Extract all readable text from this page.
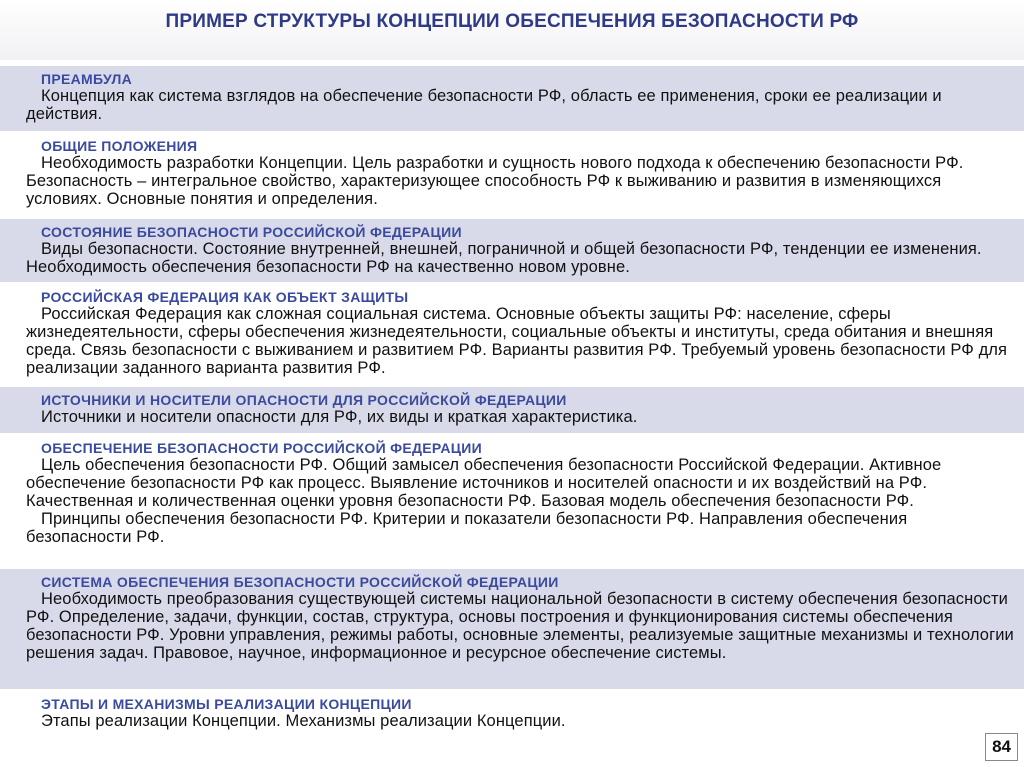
ПРИМЕР СТРУКТУРЫ КОНЦЕПЦИИ ОБЕСПЕЧЕНИЯ БЕЗОПАСНОСТИ РФ
ПРЕАМБУЛА
Концепция как система взглядов на обеспечение безопасности РФ, область ее применения, сроки ее реализации и действия.
ОБЩИЕ ПОЛОЖЕНИЯ
Необходимость разработки Концепции. Цель разработки и сущность нового подхода к обеспечению безопасности РФ. Безопасность – интегральное свойство, характеризующее способность РФ к выживанию и развития в изменяющихся условиях. Основные понятия и определения.
СОСТОЯНИЕ БЕЗОПАСНОСТИ РОССИЙСКОЙ ФЕДЕРАЦИИ
Виды безопасности. Состояние внутренней, внешней, пограничной и общей безопасности РФ, тенденции ее изменения. Необходимость обеспечения безопасности РФ на качественно новом уровне.
РОССИЙСКАЯ ФЕДЕРАЦИЯ КАК ОБЪЕКТ ЗАЩИТЫ
Российская Федерация как сложная социальная система. Основные объекты защиты РФ: население, сферы жизнедеятельности, сферы обеспечения жизнедеятельности, социальные объекты и институты, среда обитания и внешняя среда. Связь безопасности с выживанием и развитием РФ. Варианты развития РФ. Требуемый уровень безопасности РФ для реализации заданного варианта развития РФ.
ИСТОЧНИКИ И НОСИТЕЛИ ОПАСНОСТИ ДЛЯ РОССИЙСКОЙ ФЕДЕРАЦИИ
Источники и носители опасности для РФ, их виды и краткая характеристика.
ОБЕСПЕЧЕНИЕ БЕЗОПАСНОСТИ РОССИЙСКОЙ ФЕДЕРАЦИИ
Цель обеспечения безопасности РФ. Общий замысел обеспечения безопасности Российской Федерации. Активное обеспечение безопасности РФ как процесс. Выявление источников и носителей опасности и их воздействий на РФ. Качественная и количественная оценки уровня безопасности РФ. Базовая модель обеспечения безопасности РФ.
Принципы обеспечения безопасности РФ. Критерии и показатели безопасности РФ. Направления обеспечения безопасности РФ.
СИСТЕМА ОБЕСПЕЧЕНИЯ БЕЗОПАСНОСТИ РОССИЙСКОЙ ФЕДЕРАЦИИ
Необходимость преобразования существующей системы национальной безопасности в систему обеспечения безопасности РФ. Определение, задачи, функции, состав, структура, основы построения и функционирования системы обеспечения безопасности РФ. Уровни управления, режимы работы, основные элементы, реализуемые защитные механизмы и технологии решения задач. Правовое, научное, информационное и ресурсное обеспечение системы.
ЭТАПЫ И МЕХАНИЗМЫ РЕАЛИЗАЦИИ КОНЦЕПЦИИ
Этапы реализации Концепции. Механизмы реализации Концепции.
84
